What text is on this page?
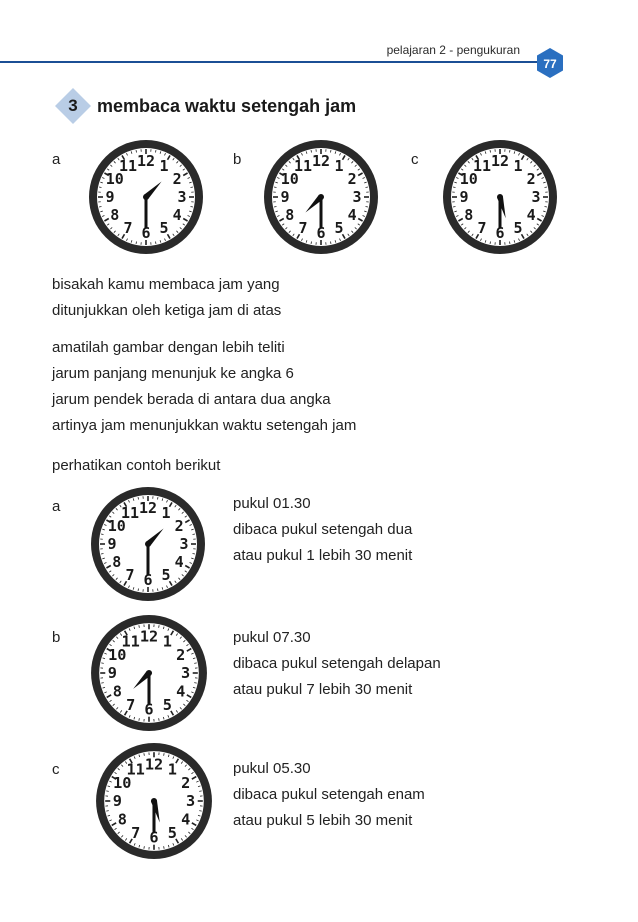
pelajaran 2 - pengukuran
77
3	membaca waktu setengah jam
a	b	c
12 1
2
3
4
5
6
7
8
9
10
11	12 1
2
3
4
5
6
7
8
9
10
11	12 1
2
3
4
5
6
7
8
9
10
11
bisakah kamu membaca jam yang
ditunjukkan oleh ketiga jam di atas
amatilah gambar dengan lebih teliti
jarum panjang menunjuk ke angka 6
jarum pendek berada di antara dua angka
artinya jam menunjukkan waktu setengah jam
perhatikan contoh berikut
a	12 1
2
3
4
5
6
7
8
9
10
11
pukul 01.30
dibaca pukul setengah dua
atau pukul 1 lebih 30 menit
b	12 1
2
3
4
5
6
7
8
9
10
11	pukul 07.30
dibaca pukul setengah delapan
atau pukul 7 lebih 30 menit
c	12 1
2
3
4
5
6
7
8
9
10
11	pukul 05.30
dibaca pukul setengah enam
atau pukul 5 lebih 30 menit
